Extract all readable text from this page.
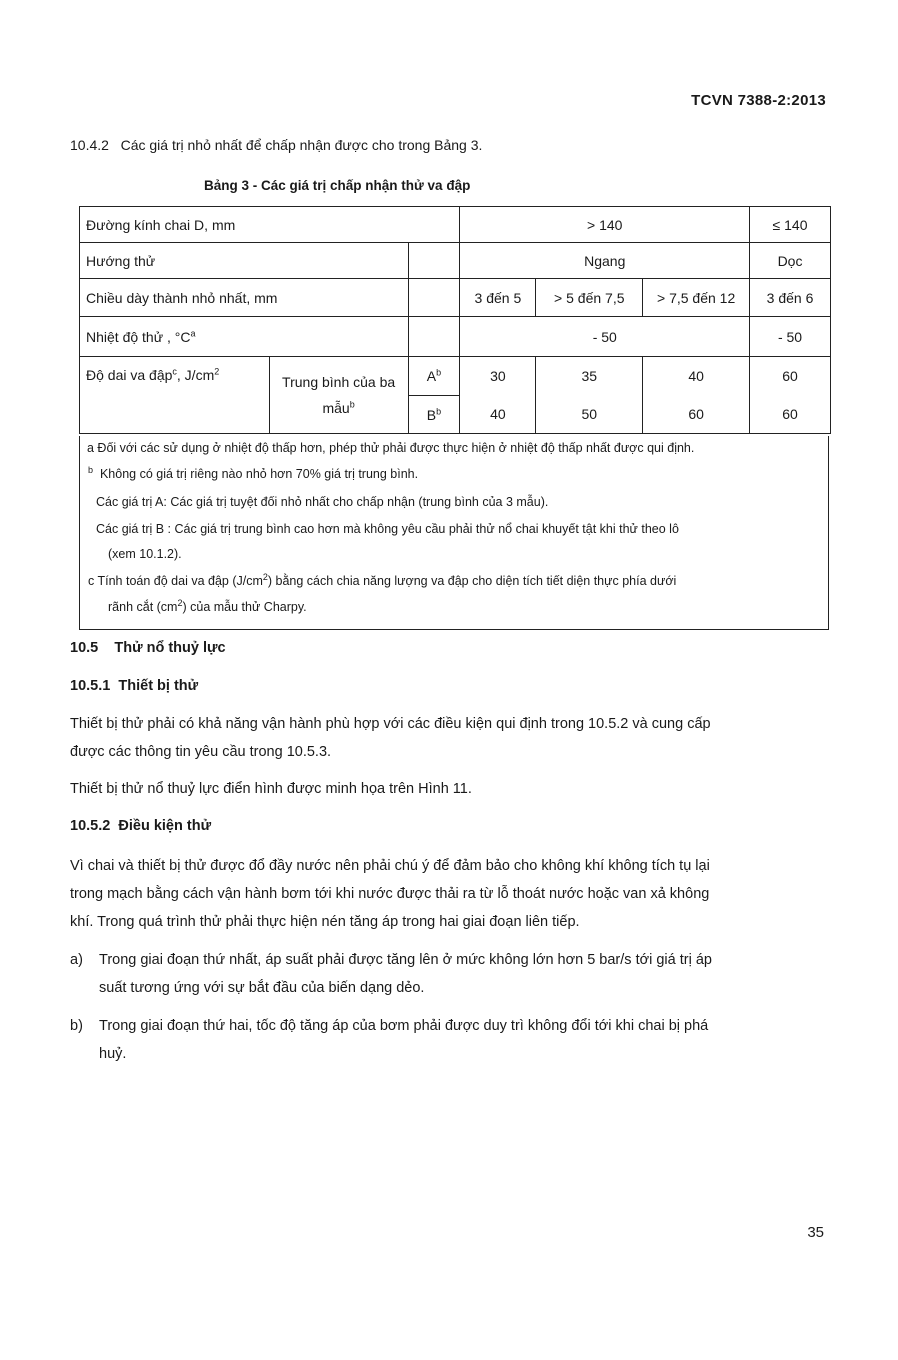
TCVN 7388-2:2013
10.4.2 Các giá trị nhỏ nhất để chấp nhận được cho trong Bảng 3.
Bảng 3 - Các giá trị chấp nhận thử va đập
Đường kính chai D, mm			> 140			≤ 140
Hướng thử			Ngang			Dọc
Chiều dày thành nhỏ nhất, mm			3 đến 5	> 5 đến 7,5	> 7,5 đến 12	3 đến 6
Nhiệt độ thử , $^\circ C^a$			- 50			- 50
Độ dai va đập$^c$, $J/cm^2$	Trung bình của ba mẫu$^b$	$A^b$	30	35	40	60
		$B^b$	40	50	60	60
a Đối với các sử dụng ở nhiệt độ thấp hơn, phép thử phải được thực hiện ở nhiệt độ thấp nhất được qui định.
$^b$ Không có giá trị riêng nào nhỏ hơn 70% giá trị trung bình.
Các giá trị A: Các giá trị tuyệt đối nhỏ nhất cho chấp nhận (trung bình của 3 mẫu).
Các giá trị B : Các giá trị trung bình cao hơn mà không yêu cầu phải thử nổ chai khuyết tật khi thử theo lô
(xem 10.1.2).
c Tính toán độ dai va đập $(J/cm^2)$ bằng cách chia năng lượng va đập cho diện tích tiết diện thực phía dưới
rãnh cắt $(cm^2)$ của mẫu thử Charpy.
10.5 Thử nổ thuỷ lực
10.5.1 Thiết bị thử
Thiết bị thử phải có khả năng vận hành phù hợp với các điều kiện qui định trong 10.5.2 và cung cấp
được các thông tin yêu cầu trong 10.5.3.
Thiết bị thử nổ thuỷ lực điển hình được minh họa trên Hình 11.
10.5.2 Điều kiện thử
Vì chai và thiết bị thử được đổ đầy nước nên phải chú ý để đảm bảo cho không khí không tích tụ lại
trong mạch bằng cách vận hành bơm tới khi nước được thải ra từ lỗ thoát nước hoặc van xả không
khí. Trong quá trình thử phải thực hiện nén tăng áp trong hai giai đoạn liên tiếp.
a) Trong giai đoạn thứ nhất, áp suất phải được tăng lên ở mức không lớn hơn 5 bar/s tới giá trị áp
suất tương ứng với sự bắt đầu của biến dạng dẻo.
b) Trong giai đoạn thứ hai, tốc độ tăng áp của bơm phải được duy trì không đổi tới khi chai bị phá
huỷ.
35
